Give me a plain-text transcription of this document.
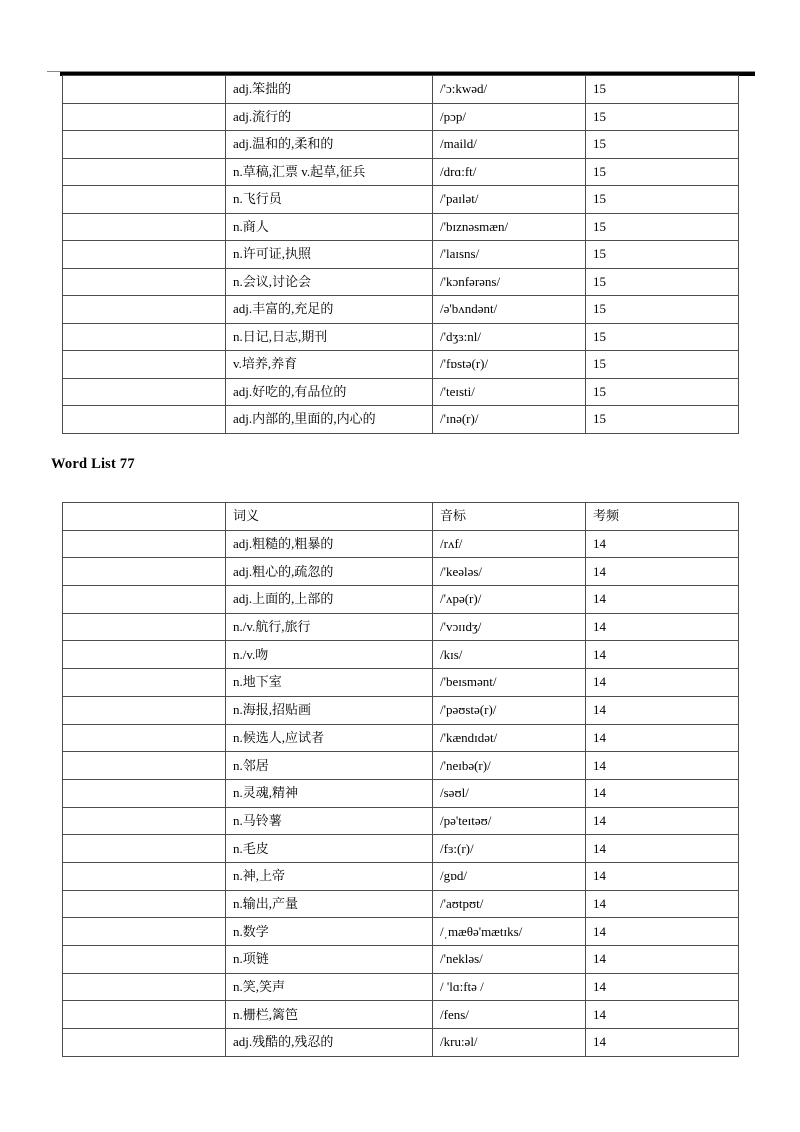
	adj.笨拙的	/'ɔ:kwəd/	15
	adj.流行的	/pɔp/	15
	adj.温和的,柔和的	/maild/	15
	n.草稿,汇票 v.起草,征兵	/drɑ:ft/	15
	n.飞行员	/'paɪlət/	15
	n.商人	/'bɪznəsmæn/	15
	n.许可证,执照	/'laɪsns/	15
	n.会议,讨论会	/'kɔnfərəns/	15
	adj.丰富的,充足的	/ə'bʌndənt/	15
	n.日记,日志,期刊	/'dʒɜ:nl/	15
	v.培养,养育	/'fɒstə(r)/	15
	adj.好吃的,有品位的	/'teɪsti/	15
	adj.内部的,里面的,内心的	/'ɪnə(r)/	15
Word List 77
	词义	音标	考频
	adj.粗糙的,粗暴的	/rʌf/	14
	adj.粗心的,疏忽的	/'keələs/	14
	adj.上面的,上部的	/'ʌpə(r)/	14
	n./v.航行,旅行	/'vɔɪɪdʒ/	14
	n./v.吻	/kɪs/	14
	n.地下室	/'beɪsmənt/	14
	n.海报,招贴画	/'pəʊstə(r)/	14
	n.候选人,应试者	/'kændɪdət/	14
	n.邻居	/'neɪbə(r)/	14
	n.灵魂,精神	/səʊl/	14
	n.马铃薯	/pə'teɪtəʊ/	14
	n.毛皮	/fɜ:(r)/	14
	n.神,上帝	/gɒd/	14
	n.输出,产量	/'aʊtpʊt/	14
	n.数学	/ˌmæθə'mætɪks/	14
	n.项链	/'nekləs/	14
	n.笑,笑声	/ 'lɑ:ftə /	14
	n.栅栏,篱笆	/fens/	14
	adj.残酷的,残忍的	/kru:əl/	14
